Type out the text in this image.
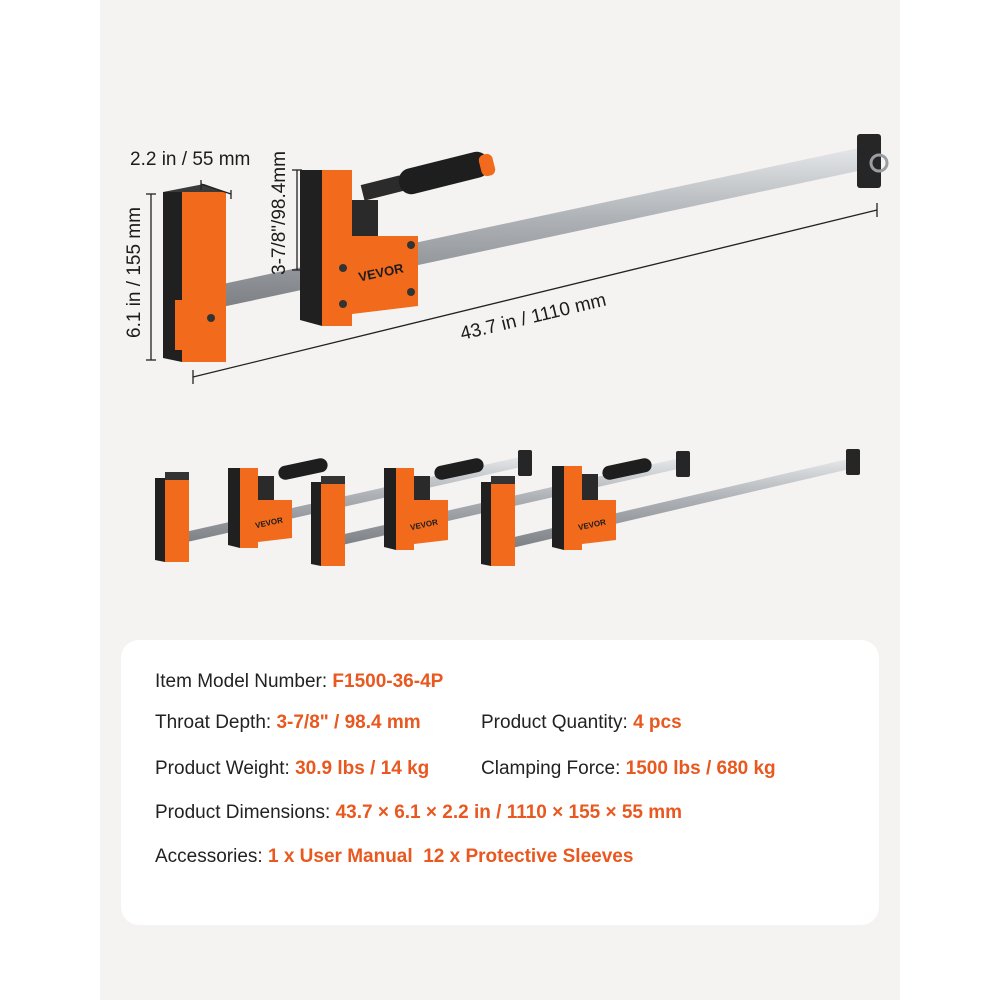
VEVOR
2.2 in / 55 mm
6.1 in / 155 mm	3-7/8"/98.4mm
43.7 in / 1110 mm
VEVOR	VEVOR	VEVOR
Item Model Number: F1500-36-4P
Throat Depth: 3-7/8" / 98.4 mm	Product Quantity: 4 pcs
Product Weight: 30.9 lbs / 14 kg	Clamping Force: 1500 lbs / 680 kg
Product Dimensions: 43.7 × 6.1 × 2.2 in / 1110 × 155 × 55 mm
Accessories: 1 x User Manual  12 x Protective Sleeves
